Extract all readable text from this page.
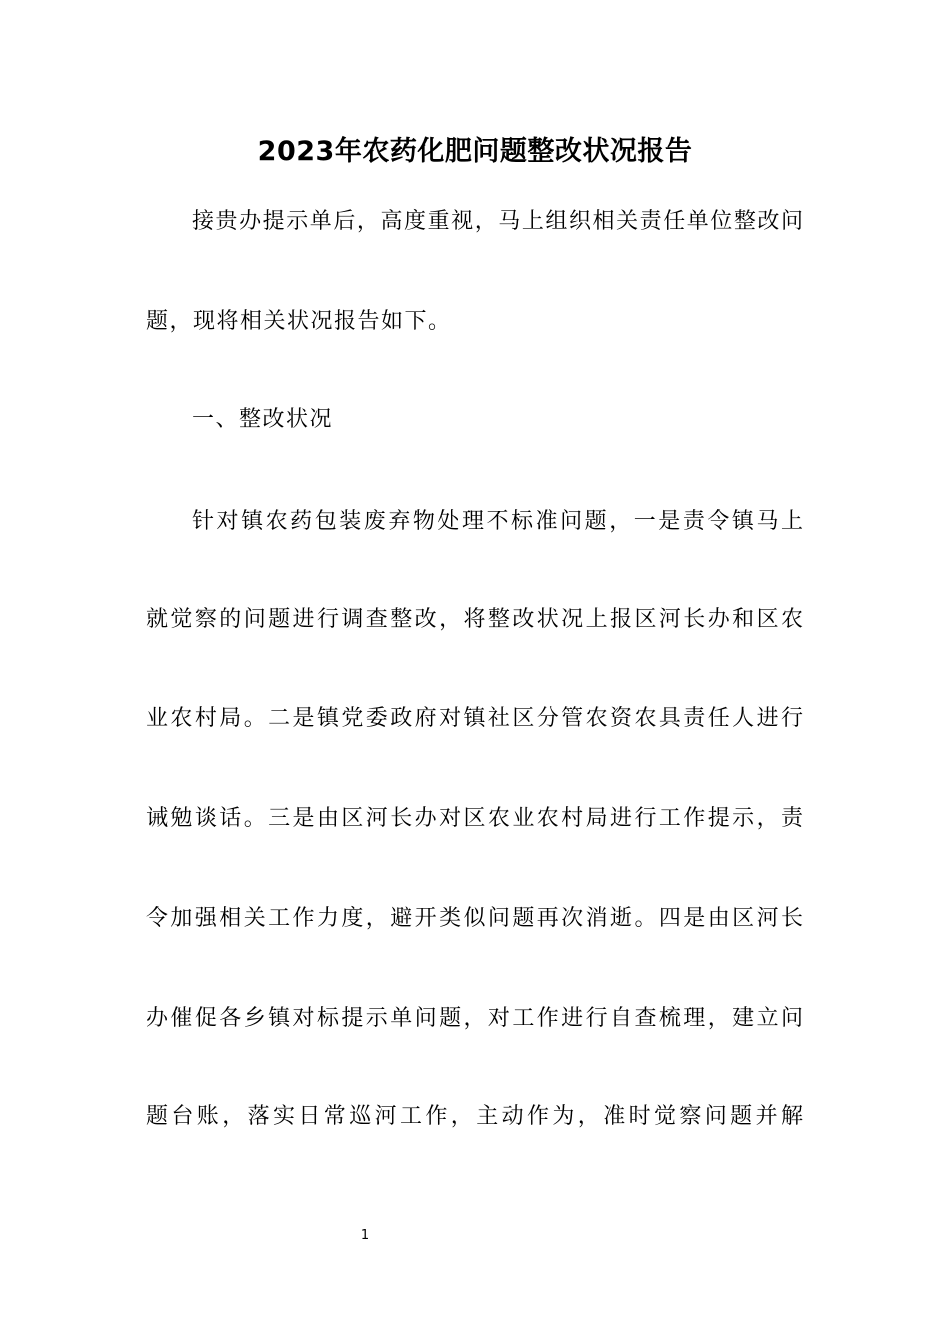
2023年农药化肥问题整改状况报告
接贵办提示单后，高度重视，马上组织相关责任单位整改问
题，现将相关状况报告如下。
一、整改状况
针对镇农药包装废弃物处理不标准问题，一是责令镇马上
就觉察的问题进行调查整改，将整改状况上报区河长办和区农
业农村局。二是镇党委政府对镇社区分管农资农具责任人进行
诫勉谈话。三是由区河长办对区农业农村局进行工作提示，责
令加强相关工作力度，避开类似问题再次消逝。四是由区河长
办催促各乡镇对标提示单问题，对工作进行自查梳理，建立问
题台账，落实日常巡河工作，主动作为，准时觉察问题并解
1
